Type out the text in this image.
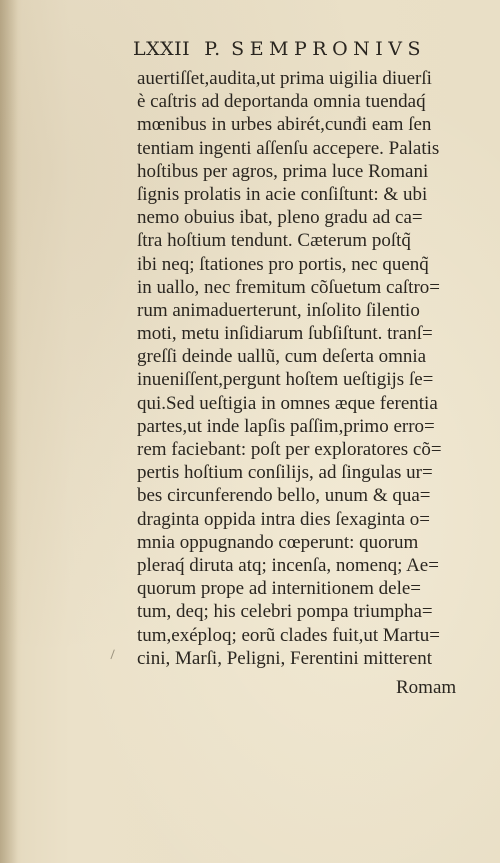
LXXII P. SEMPRONIVS
auertiſſet,audita,ut prima uigilia diuerſi
è caſtris ad deportanda omnia tuendaq́
mœnibus in urbes abirét,cunđi eam ſen
tentiam ingenti aſſenſu accepere. Palatis
hoſtibus per agros, prima luce Romani
ſignis prolatis in acie conſiſtunt: & ubi
nemo obuius ibat, pleno gradu ad ca=
ſtra hoſtium tendunt. Cæterum poſtq̃
ibi neq; ſtationes pro portis, nec quenq̃
in uallo, nec fremitum cõſuetum caſtro=
rum animaduerterunt, inſolito ſilentio
moti, metu inſidiarum ſubſiſtunt. tranſ=
greſſi deinde uallũ, cum deſerta omnia
inueniſſent,pergunt hoſtem ueſtigijs ſe=
qui.Sed ueſtigia in omnes æque ferentia
partes,ut inde lapſis paſſim,primo erro=
rem faciebant: poſt per exploratores cõ=
pertis hoſtium conſilijs, ad ſingulas ur=
bes circunferendo bello, unum & qua=
draginta oppida intra dies ſexaginta o=
mnia oppugnando cœperunt: quorum
pleraq́ diruta atq; incenſa, nomenq; Ae=
quorum prope ad internitionem dele=
tum, deq; his celebri pompa triumpha=
tum,exéploq; eorũ clades fuit,ut Martu=
cini, Marſi, Peligni, Ferentini mitterent
Romam
